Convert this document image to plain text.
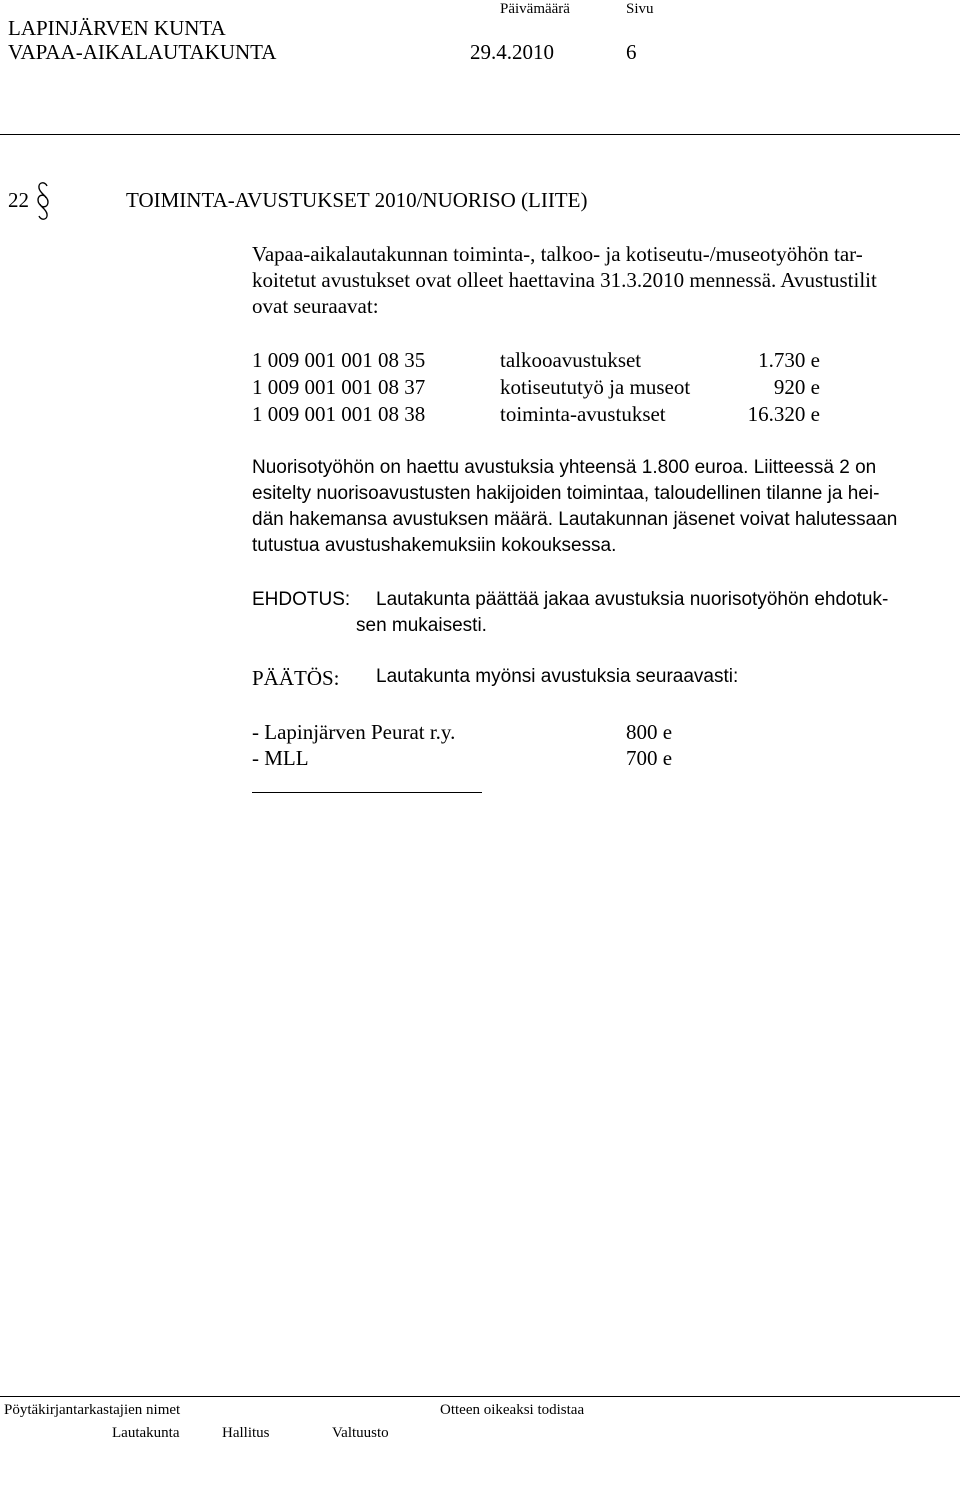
LAPINJÄRVEN KUNTA
VAPAA-AIKALAUTAKUNTA
Päivämäärä	Sivu
29.4.2010	6
22	TOIMINTA-AVUSTUKSET 2010/NUORISO (LIITE)
Vapaa-aikalautakunnan toiminta-, talkoo- ja kotiseutu-/museotyöhön tar-
koitetut avustukset ovat olleet haettavina 31.3.2010 mennessä. Avustustilit
ovat seuraavat:
1 009 001 001 08 35	talkooavustukset	1.730 e
1 009 001 001 08 37	kotiseututyö ja museot	920 e
1 009 001 001 08 38	toiminta-avustukset	16.320 e
Nuorisotyöhön on haettu avustuksia yhteensä 1.800 euroa. Liitteessä 2 on
esitelty nuorisoavustusten hakijoiden toimintaa, taloudellinen tilanne ja hei-
dän hakemansa avustuksen määrä. Lautakunnan jäsenet voivat halutessaan
tutustua avustushakemuksiin kokouksessa.
EHDOTUS: Lautakunta päättää jakaa avustuksia nuorisotyöhön ehdotuk-
sen mukaisesti.
PÄÄTÖS: Lautakunta myönsi avustuksia seuraavasti:
- Lapinjärven Peurat r.y.	800 e
- MLL	700 e
Pöytäkirjantarkastajien nimet	Otteen oikeaksi todistaa
Lautakunta	Hallitus	Valtuusto
